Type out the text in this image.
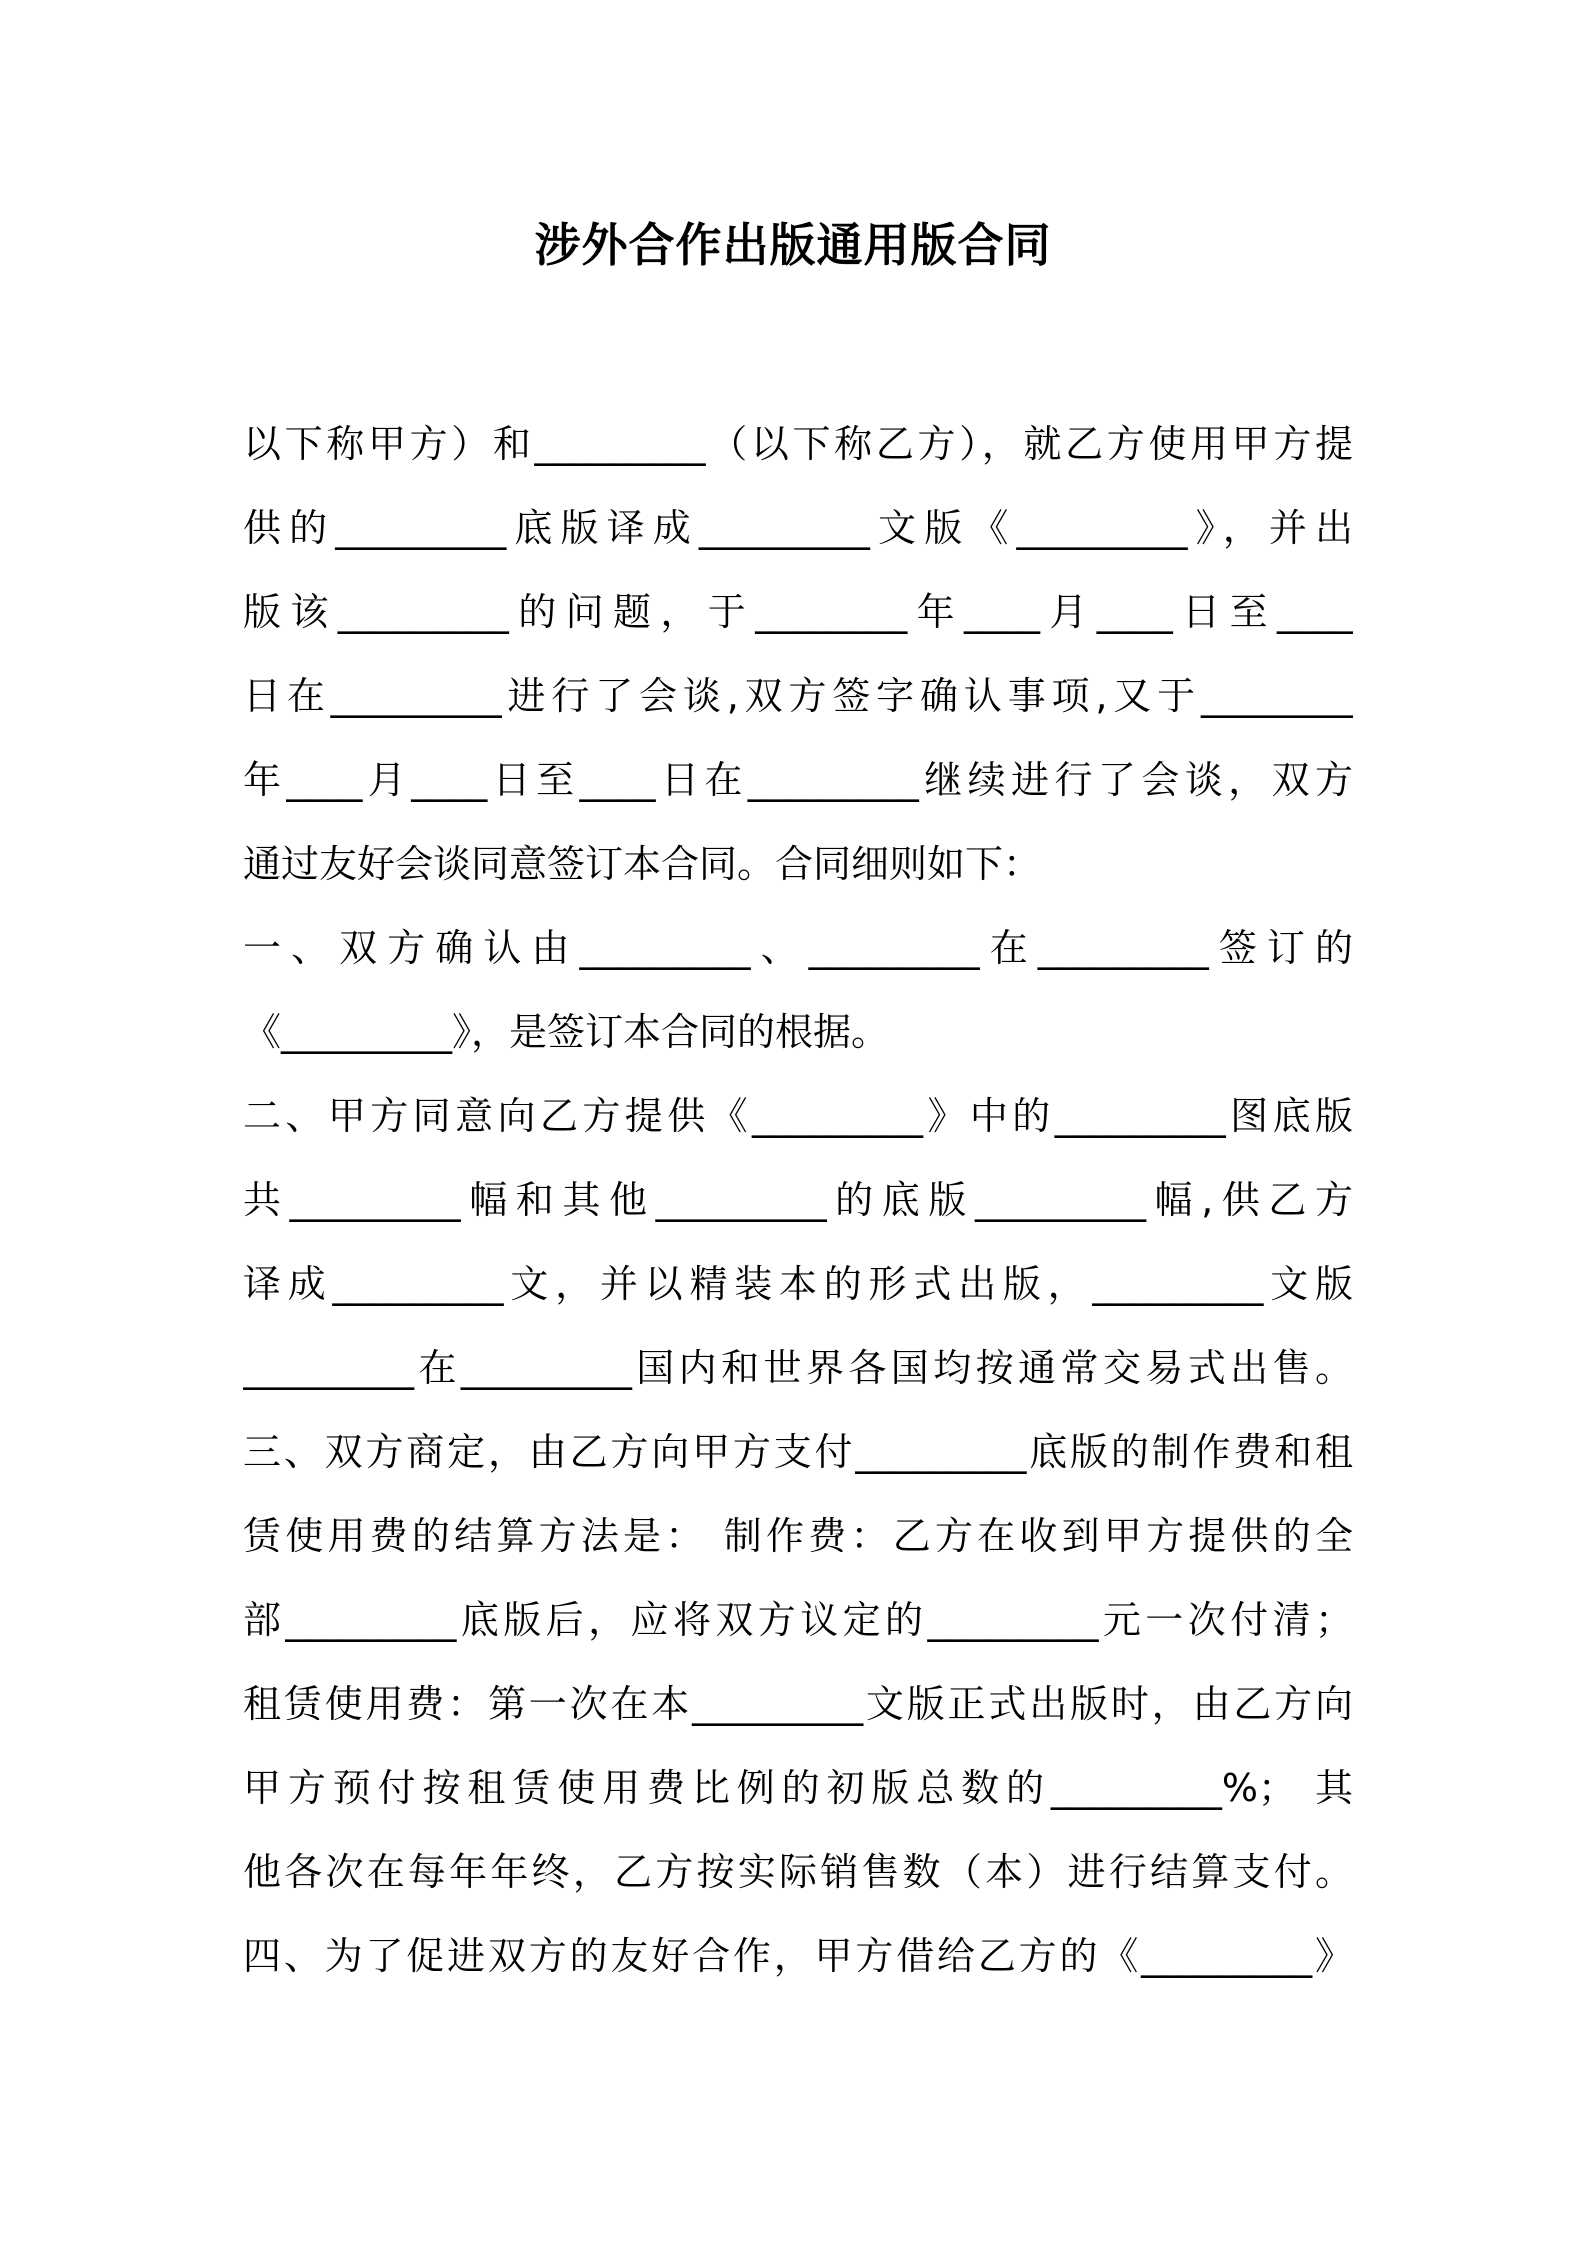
涉外合作出版通用版合同
以下称甲方）和_________（以下称乙方），就乙方使用甲方提
供的_________底版译成_________文版《_________》，并出
版该_________的问题，于________年____月____日至____
日在_________进行了会谈,双方签字确认事项,又于________
年____月____日至____日在_________继续进行了会谈，双方
通过友好会谈同意签订本合同。合同细则如下：
一、双方确认由_________、_________在_________签订的
《_________》，是签订本合同的根据。
二、甲方同意向乙方提供《_________》中的_________图底版
共_________幅和其他_________的底版_________幅,供乙方
译成_________文，并以精装本的形式出版，_________文版
_________在_________国内和世界各国均按通常交易式出售。
三、双方商定，由乙方向甲方支付_________底版的制作费和租
赁使用费的结算方法是： 制作费：乙方在收到甲方提供的全
部_________底版后，应将双方议定的_________元一次付清；
租赁使用费：第一次在本_________文版正式出版时，由乙方向
甲方预付按租赁使用费比例的初版总数的_________%； 其
他各次在每年年终，乙方按实际销售数（本）进行结算支付。
四、为了促进双方的友好合作，甲方借给乙方的《_________》
